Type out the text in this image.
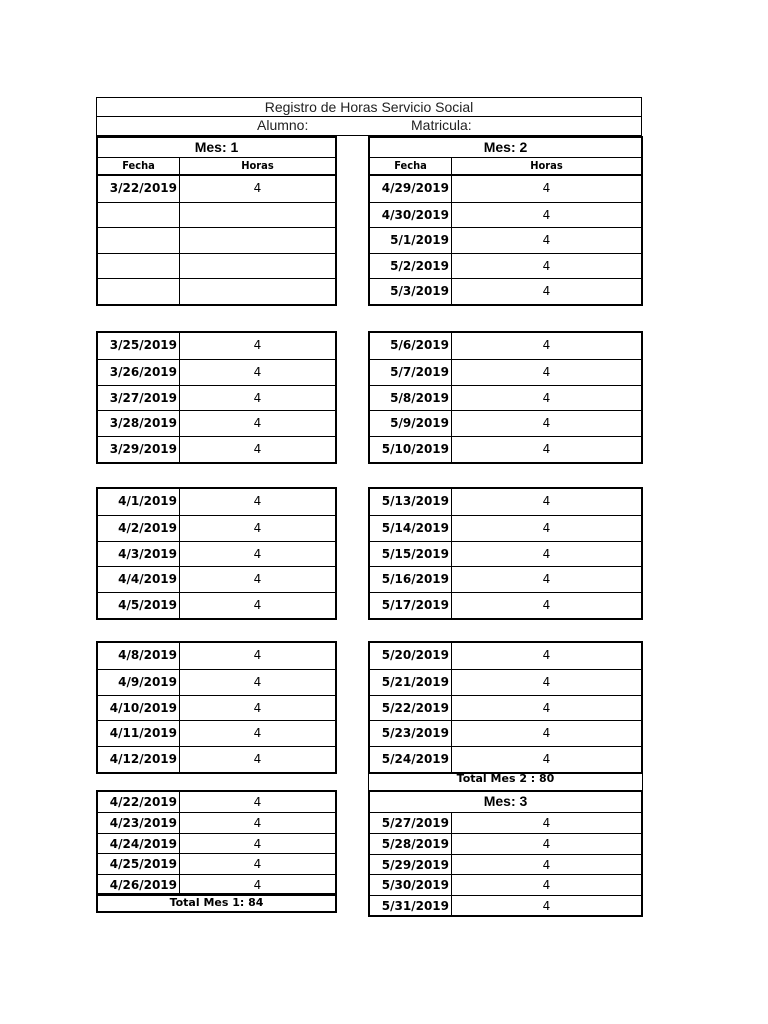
Registro de Horas Servicio Social
Alumno:	Matricula:
Mes: 1
Fecha	Horas
3/22/2019	4
3/25/2019	4
3/26/2019	4
3/27/2019	4
3/28/2019	4
3/29/2019	4
4/1/2019	4
4/2/2019	4
4/3/2019	4
4/4/2019	4
4/5/2019	4
4/8/2019	4
4/9/2019	4
4/10/2019	4
4/11/2019	4
4/12/2019	4
4/22/2019	4
4/23/2019	4
4/24/2019	4
4/25/2019	4
4/26/2019	4
Total Mes 1: 84
Mes: 2
Fecha	Horas
4/29/2019	4
4/30/2019	4
5/1/2019	4
5/2/2019	4
5/3/2019	4
5/6/2019	4
5/7/2019	4
5/8/2019	4
5/9/2019	4
5/10/2019	4
5/13/2019	4
5/14/2019	4
5/15/2019	4
5/16/2019	4
5/17/2019	4
5/20/2019	4
5/21/2019	4
5/22/2019	4
5/23/2019	4
5/24/2019	4
Total Mes 2 : 80
Mes: 3
5/27/2019	4
5/28/2019	4
5/29/2019	4
5/30/2019	4
5/31/2019	4
